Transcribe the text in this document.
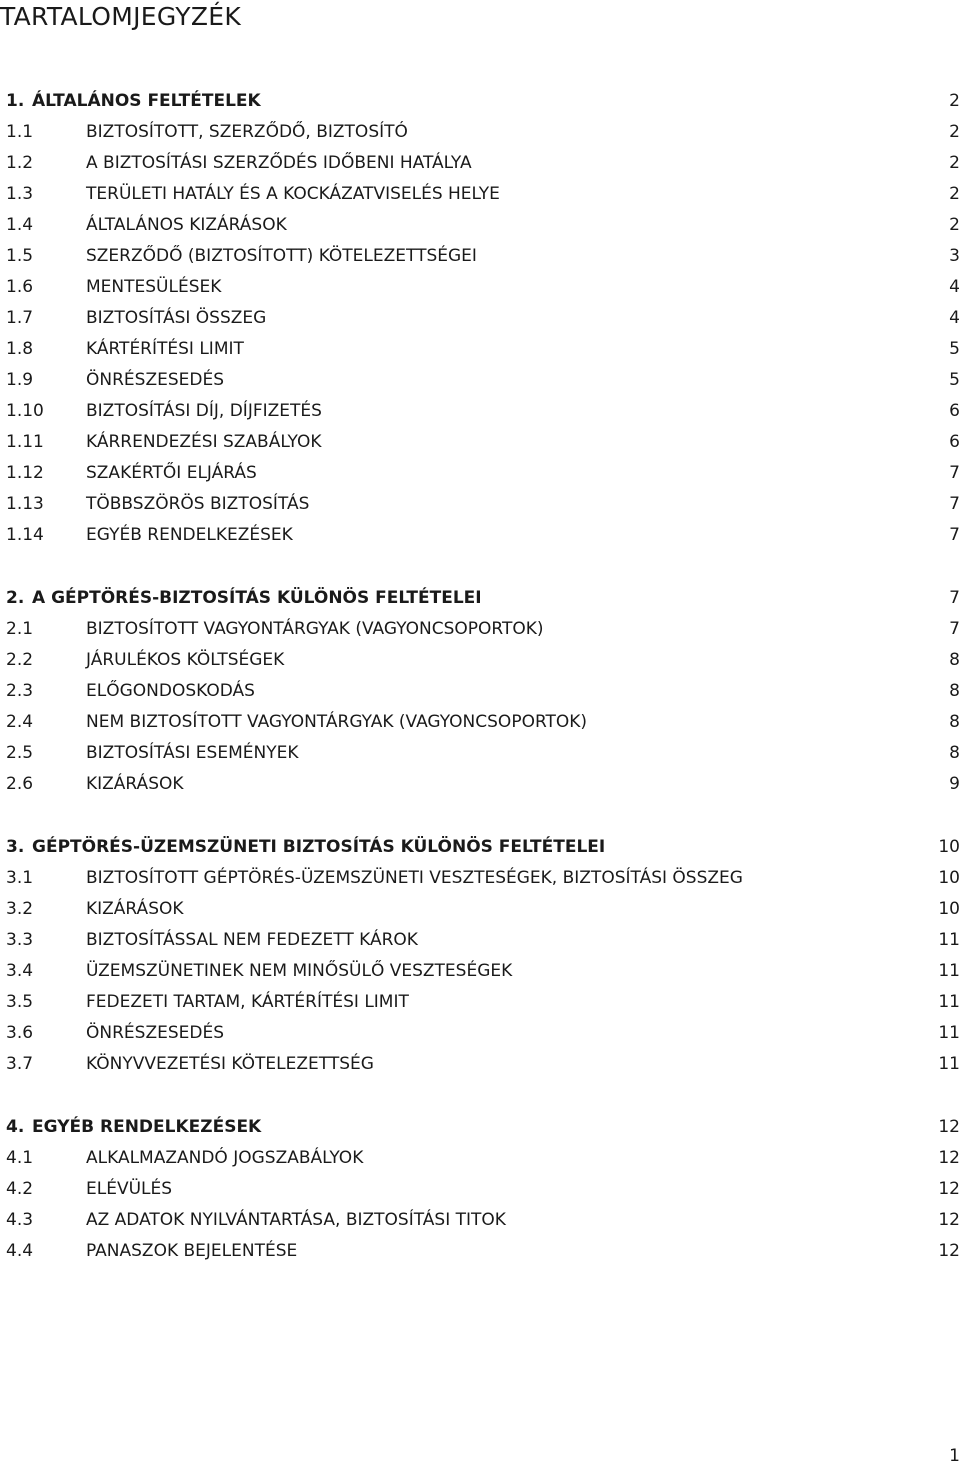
TARTALOMJEGYZÉK
1. ÁLTALÁNOS FELTÉTELEK	2
1.1	BIZTOSÍTOTT, SZERZŐDŐ, BIZTOSÍTÓ	2
1.2	A BIZTOSÍTÁSI SZERZŐDÉS IDŐBENI HATÁLYA	2
1.3	TERÜLETI HATÁLY ÉS A KOCKÁZATVISELÉS HELYE	2
1.4	ÁLTALÁNOS KIZÁRÁSOK	2
1.5	SZERZŐDŐ (BIZTOSÍTOTT) KÖTELEZETTSÉGEI	3
1.6	MENTESÜLÉSEK	4
1.7	BIZTOSÍTÁSI ÖSSZEG	4
1.8	KÁRTÉRÍTÉSI LIMIT	5
1.9	ÖNRÉSZESEDÉS	5
1.10 BIZTOSÍTÁSI DÍJ, DÍJFIZETÉS	6
1.11 KÁRRENDEZÉSI SZABÁLYOK	6
1.12 SZAKÉRTŐI ELJÁRÁS	7
1.13 TÖBBSZÖRÖS BIZTOSÍTÁS	7
1.14 EGYÉB RENDELKEZÉSEK	7
2. A GÉPTÖRÉS-BIZTOSÍTÁS KÜLÖNÖS FELTÉTELEI	7
2.1	BIZTOSÍTOTT VAGYONTÁRGYAK (VAGYONCSOPORTOK)	7
2.2	JÁRULÉKOS KÖLTSÉGEK	8
2.3	ELŐGONDOSKODÁS	8
2.4	NEM BIZTOSÍTOTT VAGYONTÁRGYAK (VAGYONCSOPORTOK)	8
2.5	BIZTOSÍTÁSI ESEMÉNYEK	8
2.6	KIZÁRÁSOK	9
3. GÉPTÖRÉS-ÜZEMSZÜNETI BIZTOSÍTÁS KÜLÖNÖS FELTÉTELEI	10
3.1	BIZTOSÍTOTT GÉPTÖRÉS-ÜZEMSZÜNETI VESZTESÉGEK, BIZTOSÍTÁSI ÖSSZEG	10
3.2	KIZÁRÁSOK	10
3.3	BIZTOSÍTÁSSAL NEM FEDEZETT KÁROK	11
3.4	ÜZEMSZÜNETINEK NEM MINŐSÜLŐ VESZTESÉGEK	11
3.5	FEDEZETI TARTAM, KÁRTÉRÍTÉSI LIMIT	11
3.6	ÖNRÉSZESEDÉS	11
3.7	KÖNYVVEZETÉSI KÖTELEZETTSÉG	11
4. EGYÉB RENDELKEZÉSEK	12
4.1	ALKALMAZANDÓ JOGSZABÁLYOK	12
4.2	ELÉVÜLÉS	12
4.3	AZ ADATOK NYILVÁNTARTÁSA, BIZTOSÍTÁSI TITOK	12
4.4	PANASZOK BEJELENTÉSE	12
1
